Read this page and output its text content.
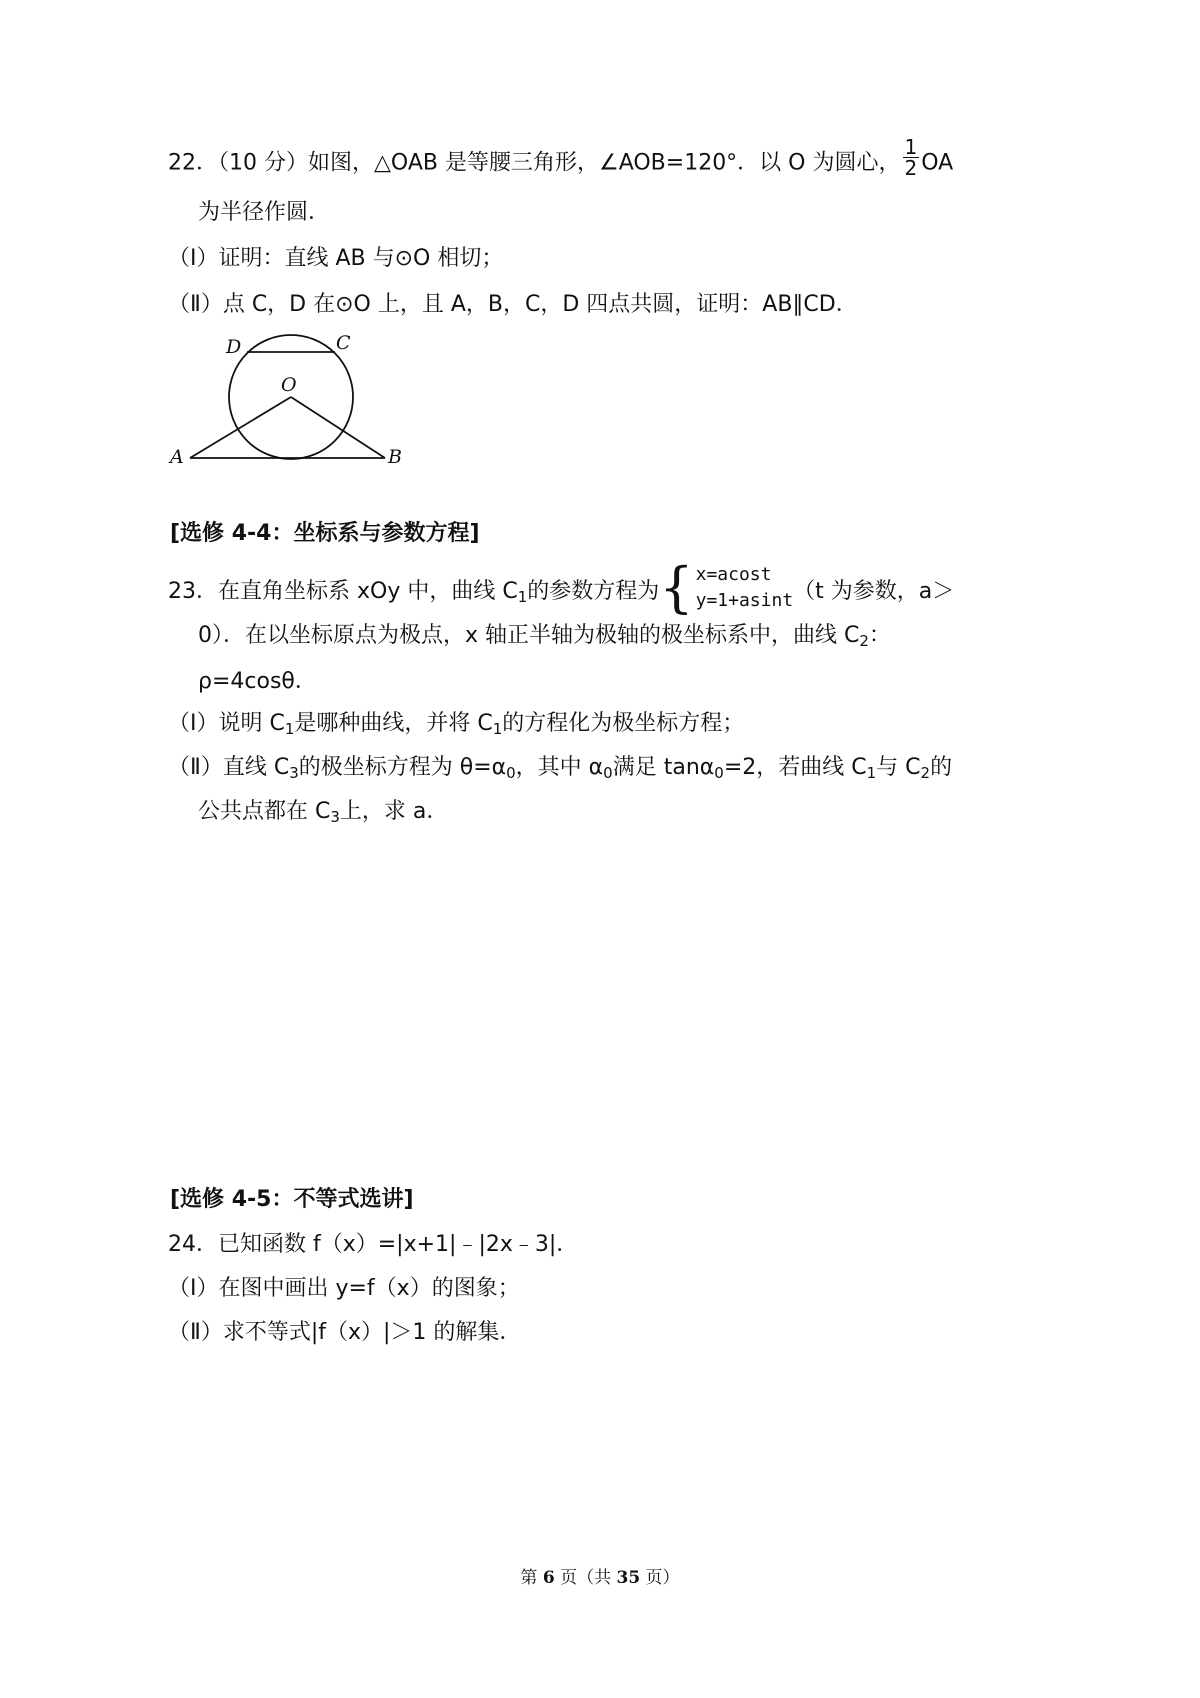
22．（10 分）如图，△OAB 是等腰三角形，∠AOB=120°．以 O 为圆心， $\frac{1}{2}$ OA
为半径作圆．
（Ⅰ）证明：直线 AB 与⊙O 相切；
（Ⅱ）点 C，D 在⊙O 上，且 A，B，C，D 四点共圆，证明：AB∥CD．
D	C
O
A	B
[选修 4-4：坐标系与参数方程]
23．在直角坐标系 xOy 中，曲线 $C_1$的参数方程为 { x=acost
y=1+asint （t 为参数，a＞
0）．在以坐标原点为极点，x 轴正半轴为极轴的极坐标系中，曲线 $C_2$：
ρ=4cosθ．
（Ⅰ）说明 $C_1$是哪种曲线，并将 $C_1$的方程化为极坐标方程；
（Ⅱ）直线 $C_3$的极坐标方程为 $\theta=\alpha_0$，其中 $\alpha_0$满足 tanα$_0$=2，若曲线 $C_1$与 $C_2$的
公共点都在 $C_3$上，求 a．
[选修 4-5：不等式选讲]
24．已知函数 f（x）=|x+1|﹣|2x﹣3|．
（Ⅰ）在图中画出 y=f（x）的图象；
（Ⅱ）求不等式|f（x）|＞1 的解集．
第 6 页（共 35 页）
